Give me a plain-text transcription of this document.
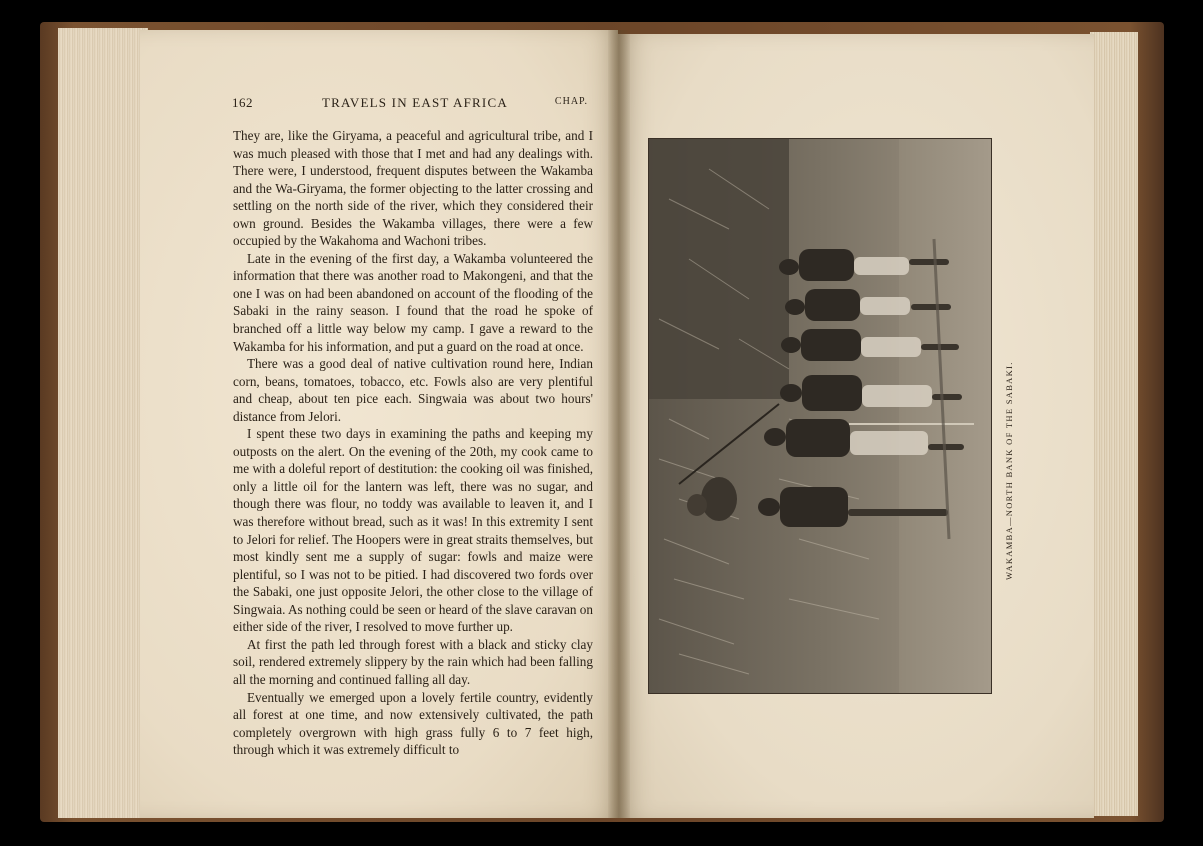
162	TRAVELS IN EAST AFRICA	CHAP.

They are, like the Giryama, a peaceful and agricultural tribe, and I was much pleased with those that I met and had any dealings with. There were, I understood, frequent disputes between the Wakamba and the Wa-Giryama, the former objecting to the latter crossing and settling on the north side of the river, which they considered their own ground. Besides the Wakamba villages, there were a few occupied by the Wakahoma and Wachoni tribes.

Late in the evening of the first day, a Wakamba volunteered the information that there was another road to Makongeni, and that the one I was on had been abandoned on account of the flooding of the Sabaki in the rainy season. I found that the road he spoke of branched off a little way below my camp. I gave a reward to the Wakamba for his information, and put a guard on the road at once.

There was a good deal of native cultivation round here, Indian corn, beans, tomatoes, tobacco, etc. Fowls also are very plentiful and cheap, about ten pice each. Singwaia was about two hours' distance from Jelori.

I spent these two days in examining the paths and keeping my outposts on the alert. On the evening of the 20th, my cook came to me with a doleful report of destitution: the cooking oil was finished, only a little oil for the lantern was left, there was no sugar, and though there was flour, no toddy was available to leaven it, and I was therefore without bread, such as it was! In this extremity I sent to Jelori for relief. The Hoopers were in great straits themselves, but most kindly sent me a supply of sugar: fowls and maize were plentiful, so I was not to be pitied. I had discovered two fords over the Sabaki, one just opposite Jelori, the other close to the village of Singwaia. As nothing could be seen or heard of the slave caravan on either side of the river, I resolved to move further up.

At first the path led through forest with a black and sticky clay soil, rendered extremely slippery by the rain which had been falling all the morning and continued falling all day.

Eventually we emerged upon a lovely fertile country, evidently all forest at one time, and now extensively cultivated, the path completely overgrown with high grass fully 6 to 7 feet high, through which it was extremely difficult to

WAKAMBA—NORTH BANK OF THE SABAKI.
